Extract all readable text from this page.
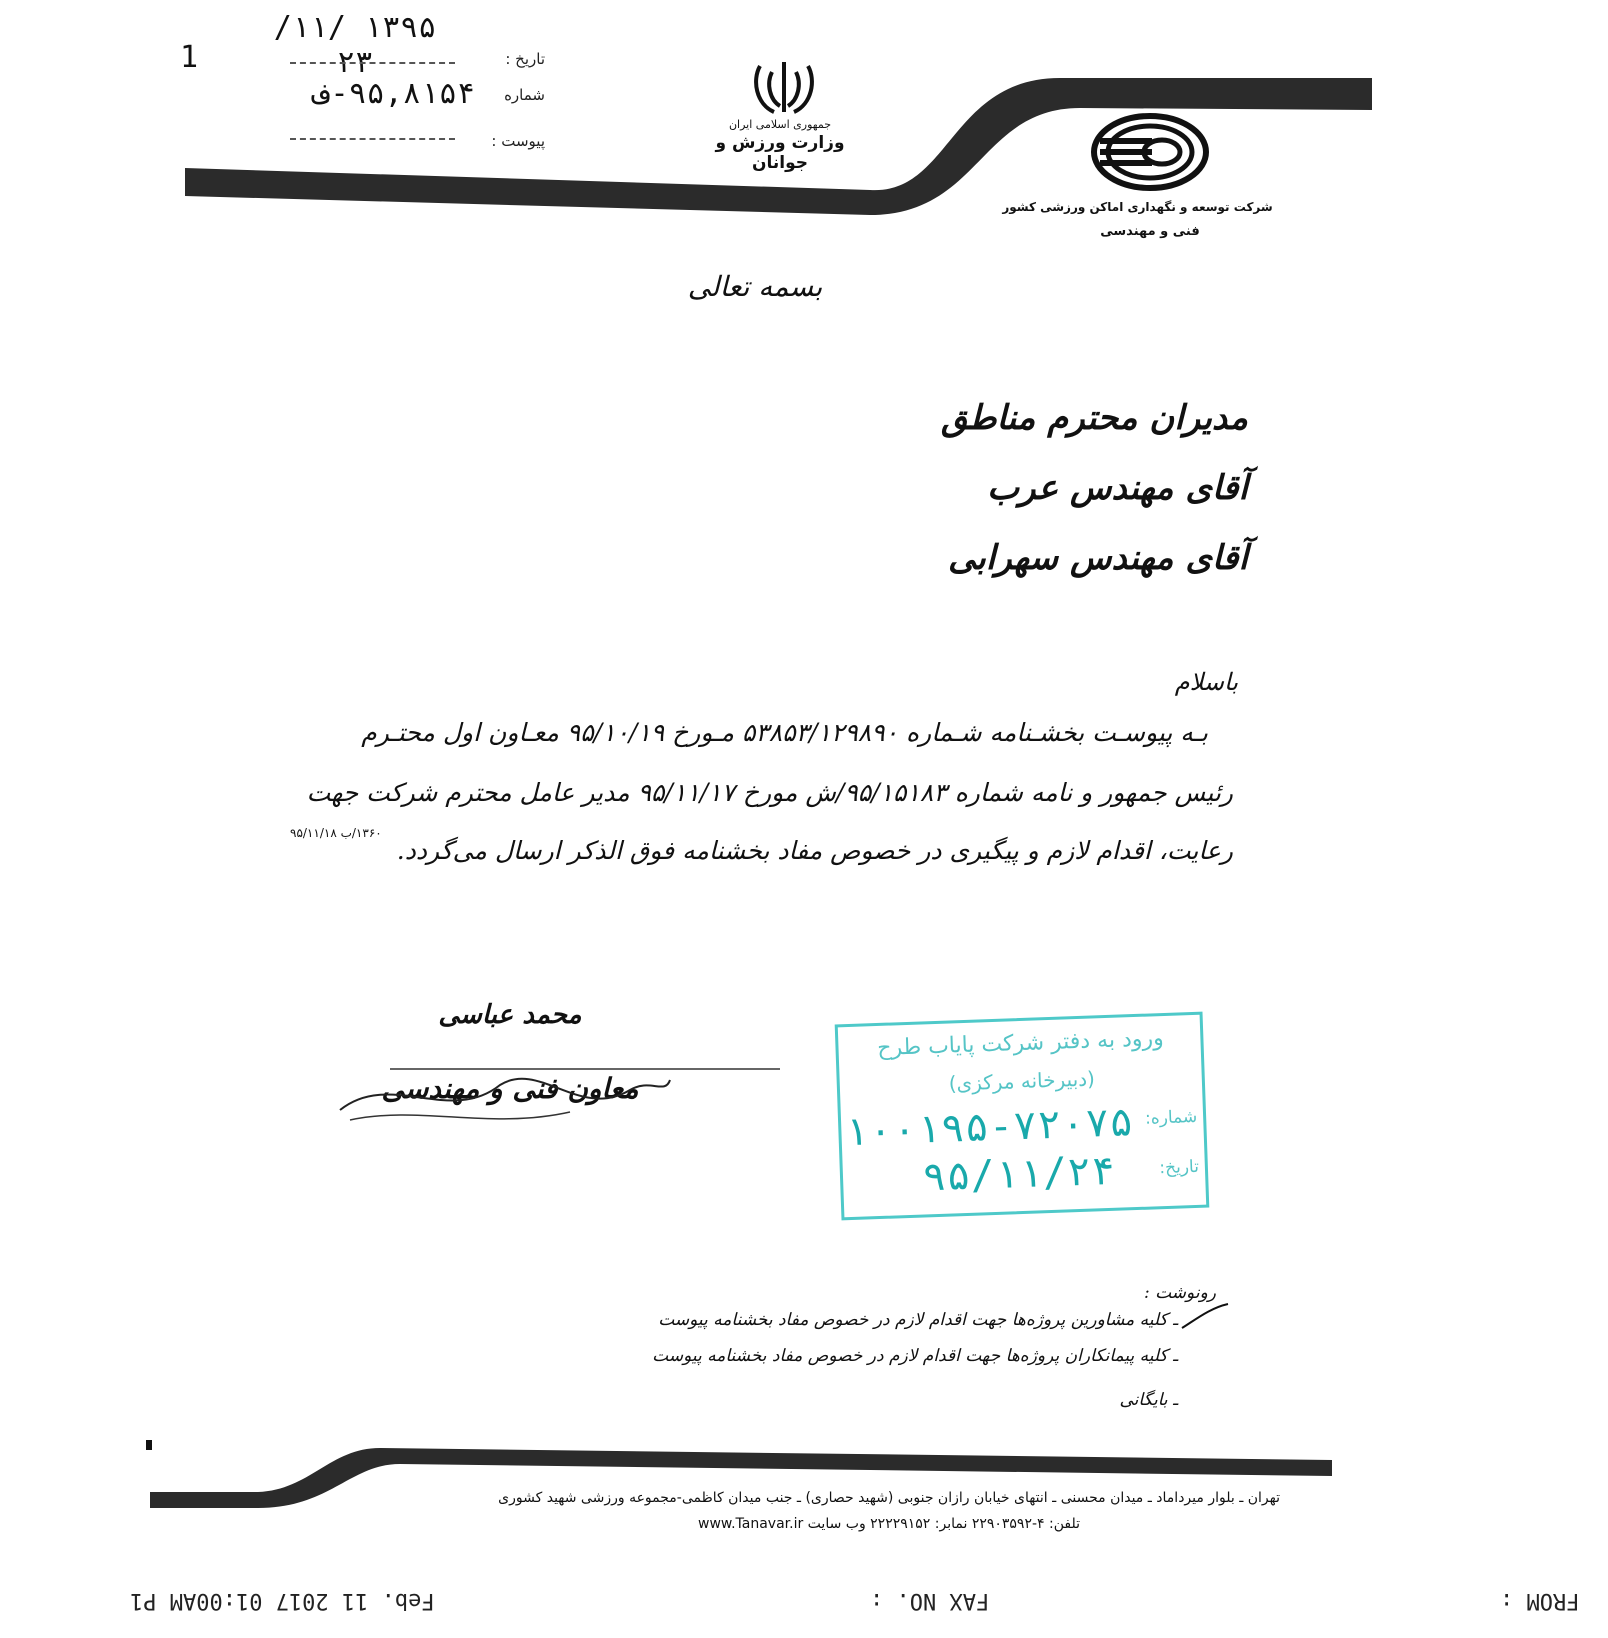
1
۱۳۹۵ /۱۱/ ۲۳	تاریخ :
شماره
۹۵,۸۱۵۴-ف
پیوست :
جمهوری اسلامی ایران
وزارت ورزش و جوانان
شرکت توسعه و نگهداری اماکن ورزشی کشور
فنی و مهندسی
بسمه تعالی
مدیران محترم مناطق
آقای مهندس عرب
آقای مهندس سهرابی
باسلام
بـه پیوسـت بخشـنامه شـماره ۵۳۸۵۳/۱۲۹۸۹۰ مـورخ ۹۵/۱۰/۱۹ معـاون اول محتـرم
رئیس جمهور و نامه شماره ۹۵/۱۵۱۸۳/ش مورخ ۹۵/۱۱/۱۷ مدیر عامل محترم شرکت جهت
رعایت، اقدام لازم و پیگیری در خصوص مفاد بخشنامه فوق الذکر ارسال می‌گردد.
۱۳۶۰/ب ۹۵/۱۱/۱۸
محمد عباسی
معاون فنی و مهندسی
ورود به دفتر شرکت پایاب طرح
(دبیرخانه مرکزی)
شماره:
۱۰۰۱۹۵-۷۲۰۷۵
تاریخ:
۹۵/۱۱/۲۴
رونوشت :
ـ کلیه مشاورین پروژه‌ها جهت اقدام لازم در خصوص مفاد بخشنامه پیوست
ـ کلیه پیمانکاران پروژه‌ها جهت اقدام لازم در خصوص مفاد بخشنامه پیوست
ـ بایگانی
تهران ـ بلوار میرداماد ـ میدان محسنی ـ انتهای خیابان رازان جنوبی (شهید حصاری) ـ جنب میدان کاظمی-مجموعه ورزشی شهید کشوری
تلفن: ۴-۲۲۹۰۳۵۹۲ نمابر: ۲۲۲۲۹۱۵۲ وب سایت www.Tanavar.ir
Feb. 11 2017 01:00AM P1	FAX NO. :	FROM :
